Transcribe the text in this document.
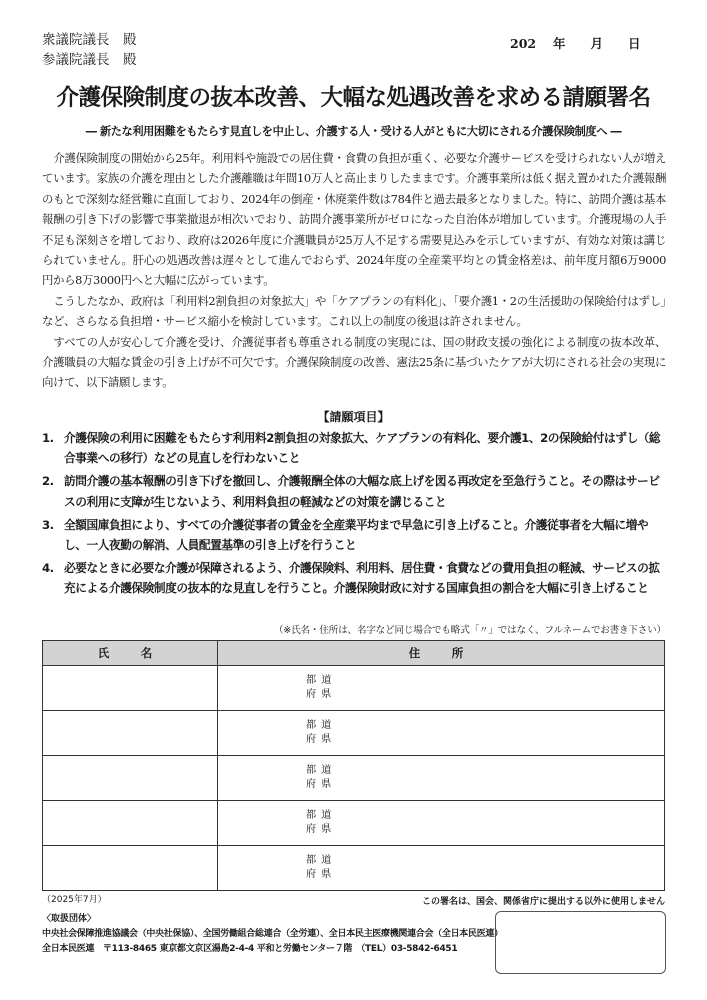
衆議院議長　殿
参議院議長　殿
202　 年　　月　　日
介護保険制度の抜本改善、大幅な処遇改善を求める請願署名
― 新たな利用困難をもたらす見直しを中止し、介護する人・受ける人がともに大切にされる介護保険制度へ ―

介護保険制度の開始から25年。利用料や施設での居住費・食費の負担が重く、必要な介護サービスを受けられない人が増えています。家族の介護を理由とした介護離職は年間10万人と高止まりしたままです。介護事業所は低く据え置かれた介護報酬のもとで深刻な経営難に直面しており、2024年の倒産・休廃業件数は784件と過去最多となりました。特に、訪問介護は基本報酬の引き下げの影響で事業撤退が相次いでおり、訪問介護事業所がゼロになった自治体が増加しています。介護現場の人手不足も深刻さを増しており、政府は2026年度に介護職員が25万人不足する需要見込みを示していますが、有効な対策は講じられていません。肝心の処遇改善は遅々として進んでおらず、2024年度の全産業平均との賃金格差は、前年度月額6万9000円から8万3000円へと大幅に広がっています。

こうしたなか、政府は「利用料2割負担の対象拡大」や「ケアプランの有料化」、「要介護1・2の生活援助の保険給付はずし」など、さらなる負担増・サービス縮小を検討しています。これ以上の制度の後退は許されません。

すべての人が安心して介護を受け、介護従事者も尊重される制度の実現には、国の財政支援の強化による制度の抜本改革、介護職員の大幅な賃金の引き上げが不可欠です。介護保険制度の改善、憲法25条に基づいたケアが大切にされる社会の実現に向けて、以下請願します。

【請願項目】
1. 介護保険の利用に困難をもたらす利用料2割負担の対象拡大、ケアプランの有料化、要介護1、2の保険給付はずし（総合事業への移行）などの見直しを行わないこと
2. 訪問介護の基本報酬の引き下げを撤回し、介護報酬全体の大幅な底上げを図る再改定を至急行うこと。その際はサービスの利用に支障が生じないよう、利用料負担の軽減などの対策を講じること
3. 全額国庫負担により、すべての介護従事者の賃金を全産業平均まで早急に引き上げること。介護従事者を大幅に増やし、一人夜勤の解消、人員配置基準の引き上げを行うこと
4. 必要なときに必要な介護が保障されるよう、介護保険料、利用料、居住費・食費などの費用負担の軽減、サービスの拡充による介護保険制度の抜本的な見直しを行うこと。介護保険財政に対する国庫負担の割合を大幅に引き上げること
（※氏名・住所は、名字など同じ場合でも略式「〃」ではなく、フルネームでお書き下さい）
氏　名	住　所

	都道
府県

	都道
府県

	都道
府県

	都道
府県

	都道
府県
（2025年7月）	この署名は、国会、関係省庁に提出する以外に使用しません
〈取扱団体〉
中央社会保障推進協議会（中央社保協）、全国労働組合総連合（全労連）、全日本民主医療機関連合会（全日本民医連）
全日本民医連　〒113-8465 東京都文京区湯島2-4-4 平和と労働センター７階　（TEL）03-5842-6451
